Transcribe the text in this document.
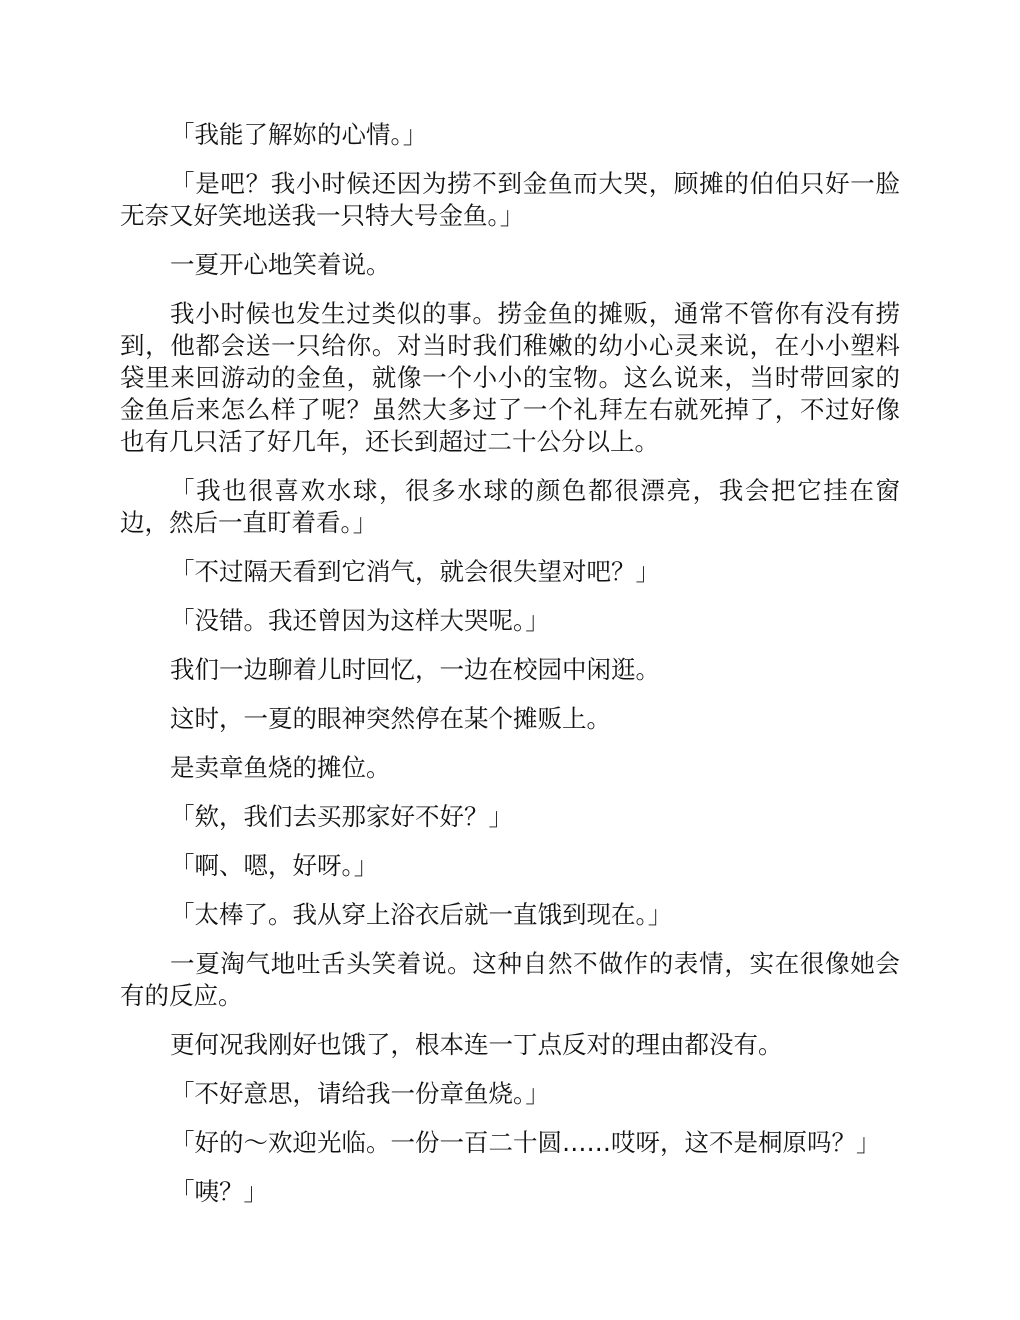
「我能了解妳的心情。」

「是吧？我小时候还因为捞不到金鱼而大哭，顾摊的伯伯只好一脸无奈又好笑地送我一只特大号金鱼。」

一夏开心地笑着说。

我小时候也发生过类似的事。捞金鱼的摊贩，通常不管你有没有捞到，他都会送一只给你。对当时我们稚嫩的幼小心灵来说，在小小塑料袋里来回游动的金鱼，就像一个小小的宝物。这么说来，当时带回家的金鱼后来怎么样了呢？虽然大多过了一个礼拜左右就死掉了，不过好像也有几只活了好几年，还长到超过二十公分以上。

「我也很喜欢水球，很多水球的颜色都很漂亮，我会把它挂在窗边，然后一直盯着看。」

「不过隔天看到它消气，就会很失望对吧？」

「没错。我还曾因为这样大哭呢。」

我们一边聊着儿时回忆，一边在校园中闲逛。

这时，一夏的眼神突然停在某个摊贩上。

是卖章鱼烧的摊位。

「欸，我们去买那家好不好？」

「啊、嗯，好呀。」

「太棒了。我从穿上浴衣后就一直饿到现在。」

一夏淘气地吐舌头笑着说。这种自然不做作的表情，实在很像她会有的反应。

更何况我刚好也饿了，根本连一丁点反对的理由都没有。

「不好意思，请给我一份章鱼烧。」

「好的～欢迎光临。一份一百二十圆……哎呀，这不是桐原吗？」

「咦？」
